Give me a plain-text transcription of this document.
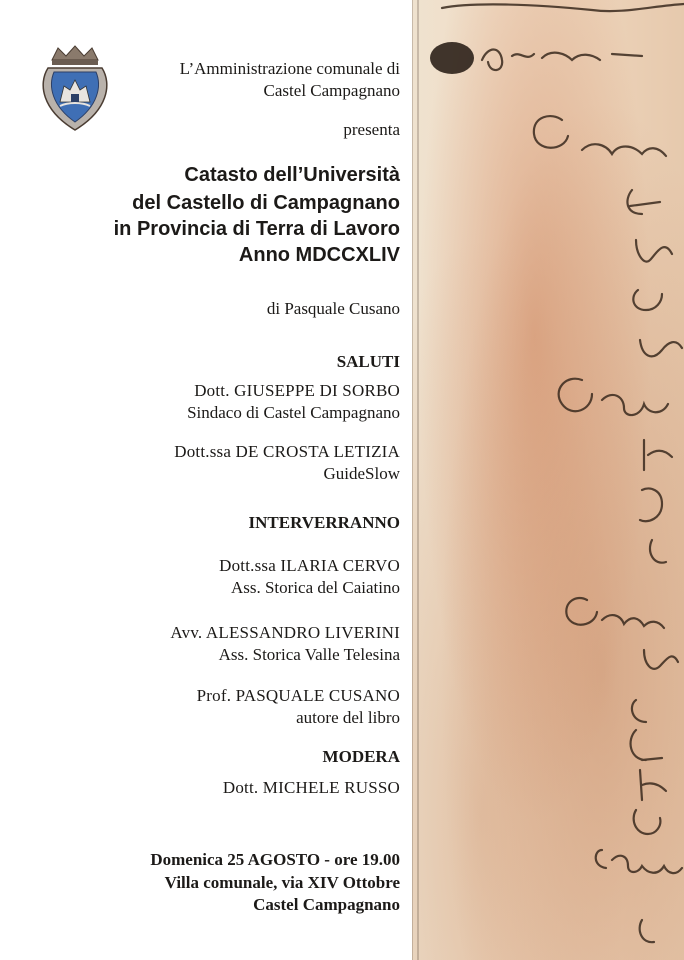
L’Amministrazione comunale di
Castel Campagnano
presenta
Catasto dell’Università
del Castello di Campagnano
in Provincia di Terra di Lavoro
Anno MDCCXLIV
di Pasquale Cusano
SALUTI
Dott. GIUSEPPE DI SORBO
Sindaco di Castel Campagnano
Dott.ssa DE CROSTA LETIZIA
GuideSlow
INTERVERRANNO
Dott.ssa ILARIA CERVO
Ass. Storica del Caiatino
Avv. ALESSANDRO LIVERINI
Ass. Storica Valle Telesina
Prof. PASQUALE CUSANO
autore del libro
MODERA
Dott. MICHELE RUSSO
Domenica 25 AGOSTO - ore 19.00
Villa comunale, via XIV Ottobre
Castel Campagnano
